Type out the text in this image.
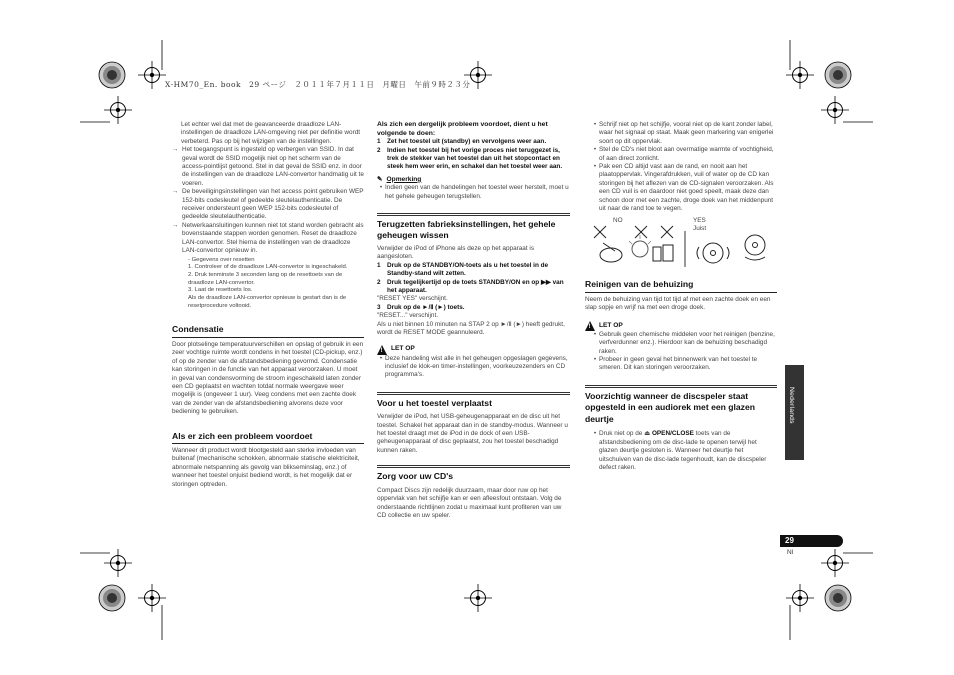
X-HM70_En. book　29 ページ　２０１１年７月１１日　月曜日　午前９時２３分

Let echter wel dat met de geavanceerde draadloze LAN-instellingen de draadloze LAN-omgeving niet per definitie wordt verbeterd. Pas op bij het wijzigen van de instellingen.

→ Het toegangspunt is ingesteld op verbergen van SSID. In dat geval wordt de SSID mogelijk niet op het scherm van de access-pointlijst getoond. Stel in dat geval de SSID enz. in door de instellingen van de draadloze LAN-convertor handmatig uit te voeren.
→ De beveiligingsinstellingen van het access point gebruiken WEP 152-bits codesleutel of gedeelde sleutelauthenticatie. De receiver ondersteunt geen WEP 152-bits codesleutel of gedeelde sleutelauthenticatie.
→ Netwerkaansluitingen kunnen niet tot stand worden gebracht als bovenstaande stappen worden genomen. Reset de draadloze LAN-convertor. Stel hierna de instellingen van de draadloze LAN-convertor opnieuw in.

- Gegevens over resetten

1. Controleer of de draadloze LAN-convertor is ingeschakeld.

2. Druk tenminste 3 seconden lang op de resettoets van de draadloze LAN-convertor.

3. Laat de resettoets los.

Als de draadloze LAN-convertor opnieuw is gestart dan is de resetprocedure voltooid.

Condensatie

Door plotselinge temperatuurverschillen en opslag of gebruik in een zeer vochtige ruimte wordt condens in het toestel (CD-pickup, enz.) of op de zender van de afstandsbediening gevormd. Condensatie kan storingen in de functie van het apparaat veroorzaken. U moet in geval van condensvorming de stroom ingeschakeld laten zonder een CD geplaatst en wachten totdat normale weergave weer mogelijk is (ongeveer 1 uur). Veeg condens met een zachte doek van de zender van de afstandsbediening alvorens deze voor bediening te gebruiken.

Als er zich een probleem voordoet

Wanneer dit product wordt blootgesteld aan sterke invloeden van buitenaf (mechanische schokken, abnormale statische elektriciteit, abnormale netspanning als gevolg van blikseminslag, enz.) of wanneer het toestel onjuist bediend wordt, is het mogelijk dat er storingen optreden.

Als zich een dergelijk probleem voordoet, dient u het volgende te doen:

1	Zet het toestel uit (standby) en vervolgens weer aan.
2	Indien het toestel bij het vorige proces niet teruggezet is, trek de stekker van het toestel dan uit het stopcontact en steek hem weer erin, en schakel dan het toestel weer aan.
✎ Opmerking
• Indien geen van de handelingen het toestel weer herstelt, moet u het gehele geheugen terugstellen.
Terugzetten fabrieksinstellingen, het gehele geheugen wissen

Verwijder de iPod of iPhone als deze op het apparaat is aangesloten.

1	Druk op de STANDBY/ON-toets als u het toestel in de Standby-stand wilt zetten.
2	Druk tegelijkertijd op de toets STANDBY/ON en op ▶▶ van het apparaat.

"RESET YES" verschijnt.

3	Druk op de ►/Ⅱ (►) toets.

"RESET..." verschijnt.

Als u niet binnen 10 minuten na STAP 2 op ►/Ⅱ (►) heeft gedrukt, wordt de RESET MODE geannuleerd.

!
LET OP
• Deze handeling wist alle in het geheugen opgeslagen gegevens, inclusief de klok-en timer-instellingen, voorkeuzezenders en CD programma's.
Voor u het toestel verplaatst

Verwijder de iPod, het USB-geheugenapparaat en de disc uit het toestel. Schakel het apparaat dan in de standby-modus. Wanneer u het toestel draagt met de iPod in de dock of een USB-geheugenapparaat of disc geplaatst, zou het toestel beschadigd kunnen raken.

Zorg voor uw CD's

Compact Discs zijn redelijk duurzaam, maar door ruw op het oppervlak van het schijfje kan er een afleesfout ontstaan. Volg de onderstaande richtlijnen zodat u maximaal kunt profiteren van uw CD collectie en uw speler.

• Schrijf niet op het schijfje, vooral niet op de kant zonder label, waar het signaal op staat. Maak geen markering van enigerlei soort op dit oppervlak.
• Stel de CD's niet bloot aan overmatige warmte of vochtigheid, of aan direct zonlicht.
• Pak een CD altijd vast aan de rand, en nooit aan het plaatoppervlak. Vingerafdrukken, vuil of water op de CD kan storingen bij het aflezen van de CD-signalen veroorzaken. Als een CD vuil is en daardoor niet goed speelt, maak deze dan schoon door met een zachte, droge doek van het middenpunt uit naar de rand toe te vegen.
NO	YES
Juist
Reinigen van de behuizing

Neem de behuizing van tijd tot tijd af met een zachte doek en een slap sopje en wrijf na met een droge doek.

!
LET OP
• Gebruik geen chemische middelen voor het reinigen (benzine, verfverdunner enz.). Hierdoor kan de behuizing beschadigd raken.
• Probeer in geen geval het binnenwerk van het toestel te smeren. Dit kan storingen veroorzaken.
Voorzichtig wanneer de discspeler staat opgesteld in een audiorek met een glazen deurtje
• Druk niet op de ⏏ OPEN/CLOSE toets van de afstandsbediening om de disc-lade te openen terwijl het glazen deurtje gesloten is. Wanneer het deurtje het uitschuiven van de disc-lade tegenhoudt, kan de discspeler defect raken.
Nederlands
29
Nl
